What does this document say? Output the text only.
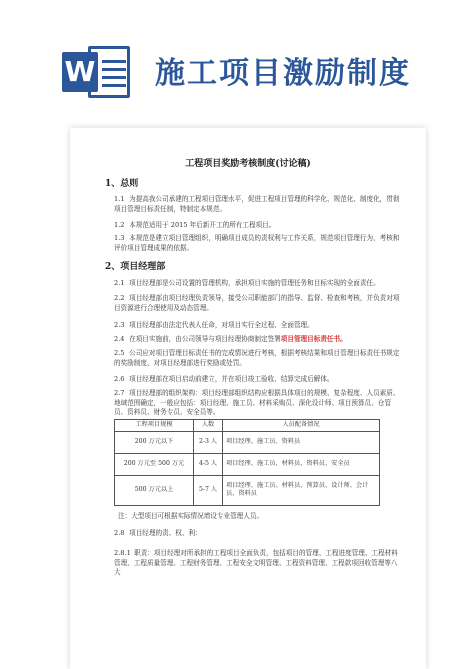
W 施工项目激励制度
工程项目奖励考核制度(讨论稿)
1、总则
1.1 为提高我公司承建的工程项目管理水平，促进工程项目管理的科学化、规范化、制度化，贯彻项目管理目标责任制，特制定本规范。
1.2 本规范适用于 2015 年后新开工的所有工程项目。
1.3 本规范是建立项目管理组织，明确项目成员的责权利与工作关系，规范项目管理行为，考核和评价项目管理成果的依据。
2、项目经理部
2.1 项目经理部是公司设置的管理机构，承担项目实施的管理任务和目标实现的全面责任。
2.2 项目经理部由项目经理负责领导，接受公司职能部门的指导、监督、检查和考核，并负责对项目资源进行合理使用及动态管理。
2.3 项目经理部由法定代表人任命，对项目实行全过程、全面管理。
2.4 在项目实施前，由公司领导与项目经理协商制定签署项目管理目标责任书。
2.5 公司应对项目管理目标责任书的完成情况进行考核，根据考核结果和项目管理目标责任书规定的奖励制度，对项目经理部进行奖励或处罚。
2.6 项目经理部在项目启动前建立，并在项目竣工验收、结算完成后解体。
2.7 项目经理部的组织架构：项目经理部组织结构应根据具体项目的规模、复杂程度、人员素质、地域范围确定，一般应包括：项目经理、施工员、材料采购员、深化设计师、项目预算员、仓管员、资料员、财务专员、安全员等。
工程项目规模	人数	人员配备情况
200 万元以下	2-3 人	项目经理、施工员、资料员
200 万元至 500 万元	4-5 人	项目经理、施工员、材料员、资料员、安全员
500 万元以上	5-7 人	项目经理、施工员、材料员、预算员、设计师、会计员、资料员
注：大型项目可根据实际情况增设专业管理人员。
2.8 项目经理的责、权、利：
2.8.1 职责：项目经理对所承担的工程项目全面负责，包括项目的管理、工程进度管理、工程材料管理、工程质量管理、工程财务管理、工程安全文明管理、工程资料管理、工程款项回收管理等八大
